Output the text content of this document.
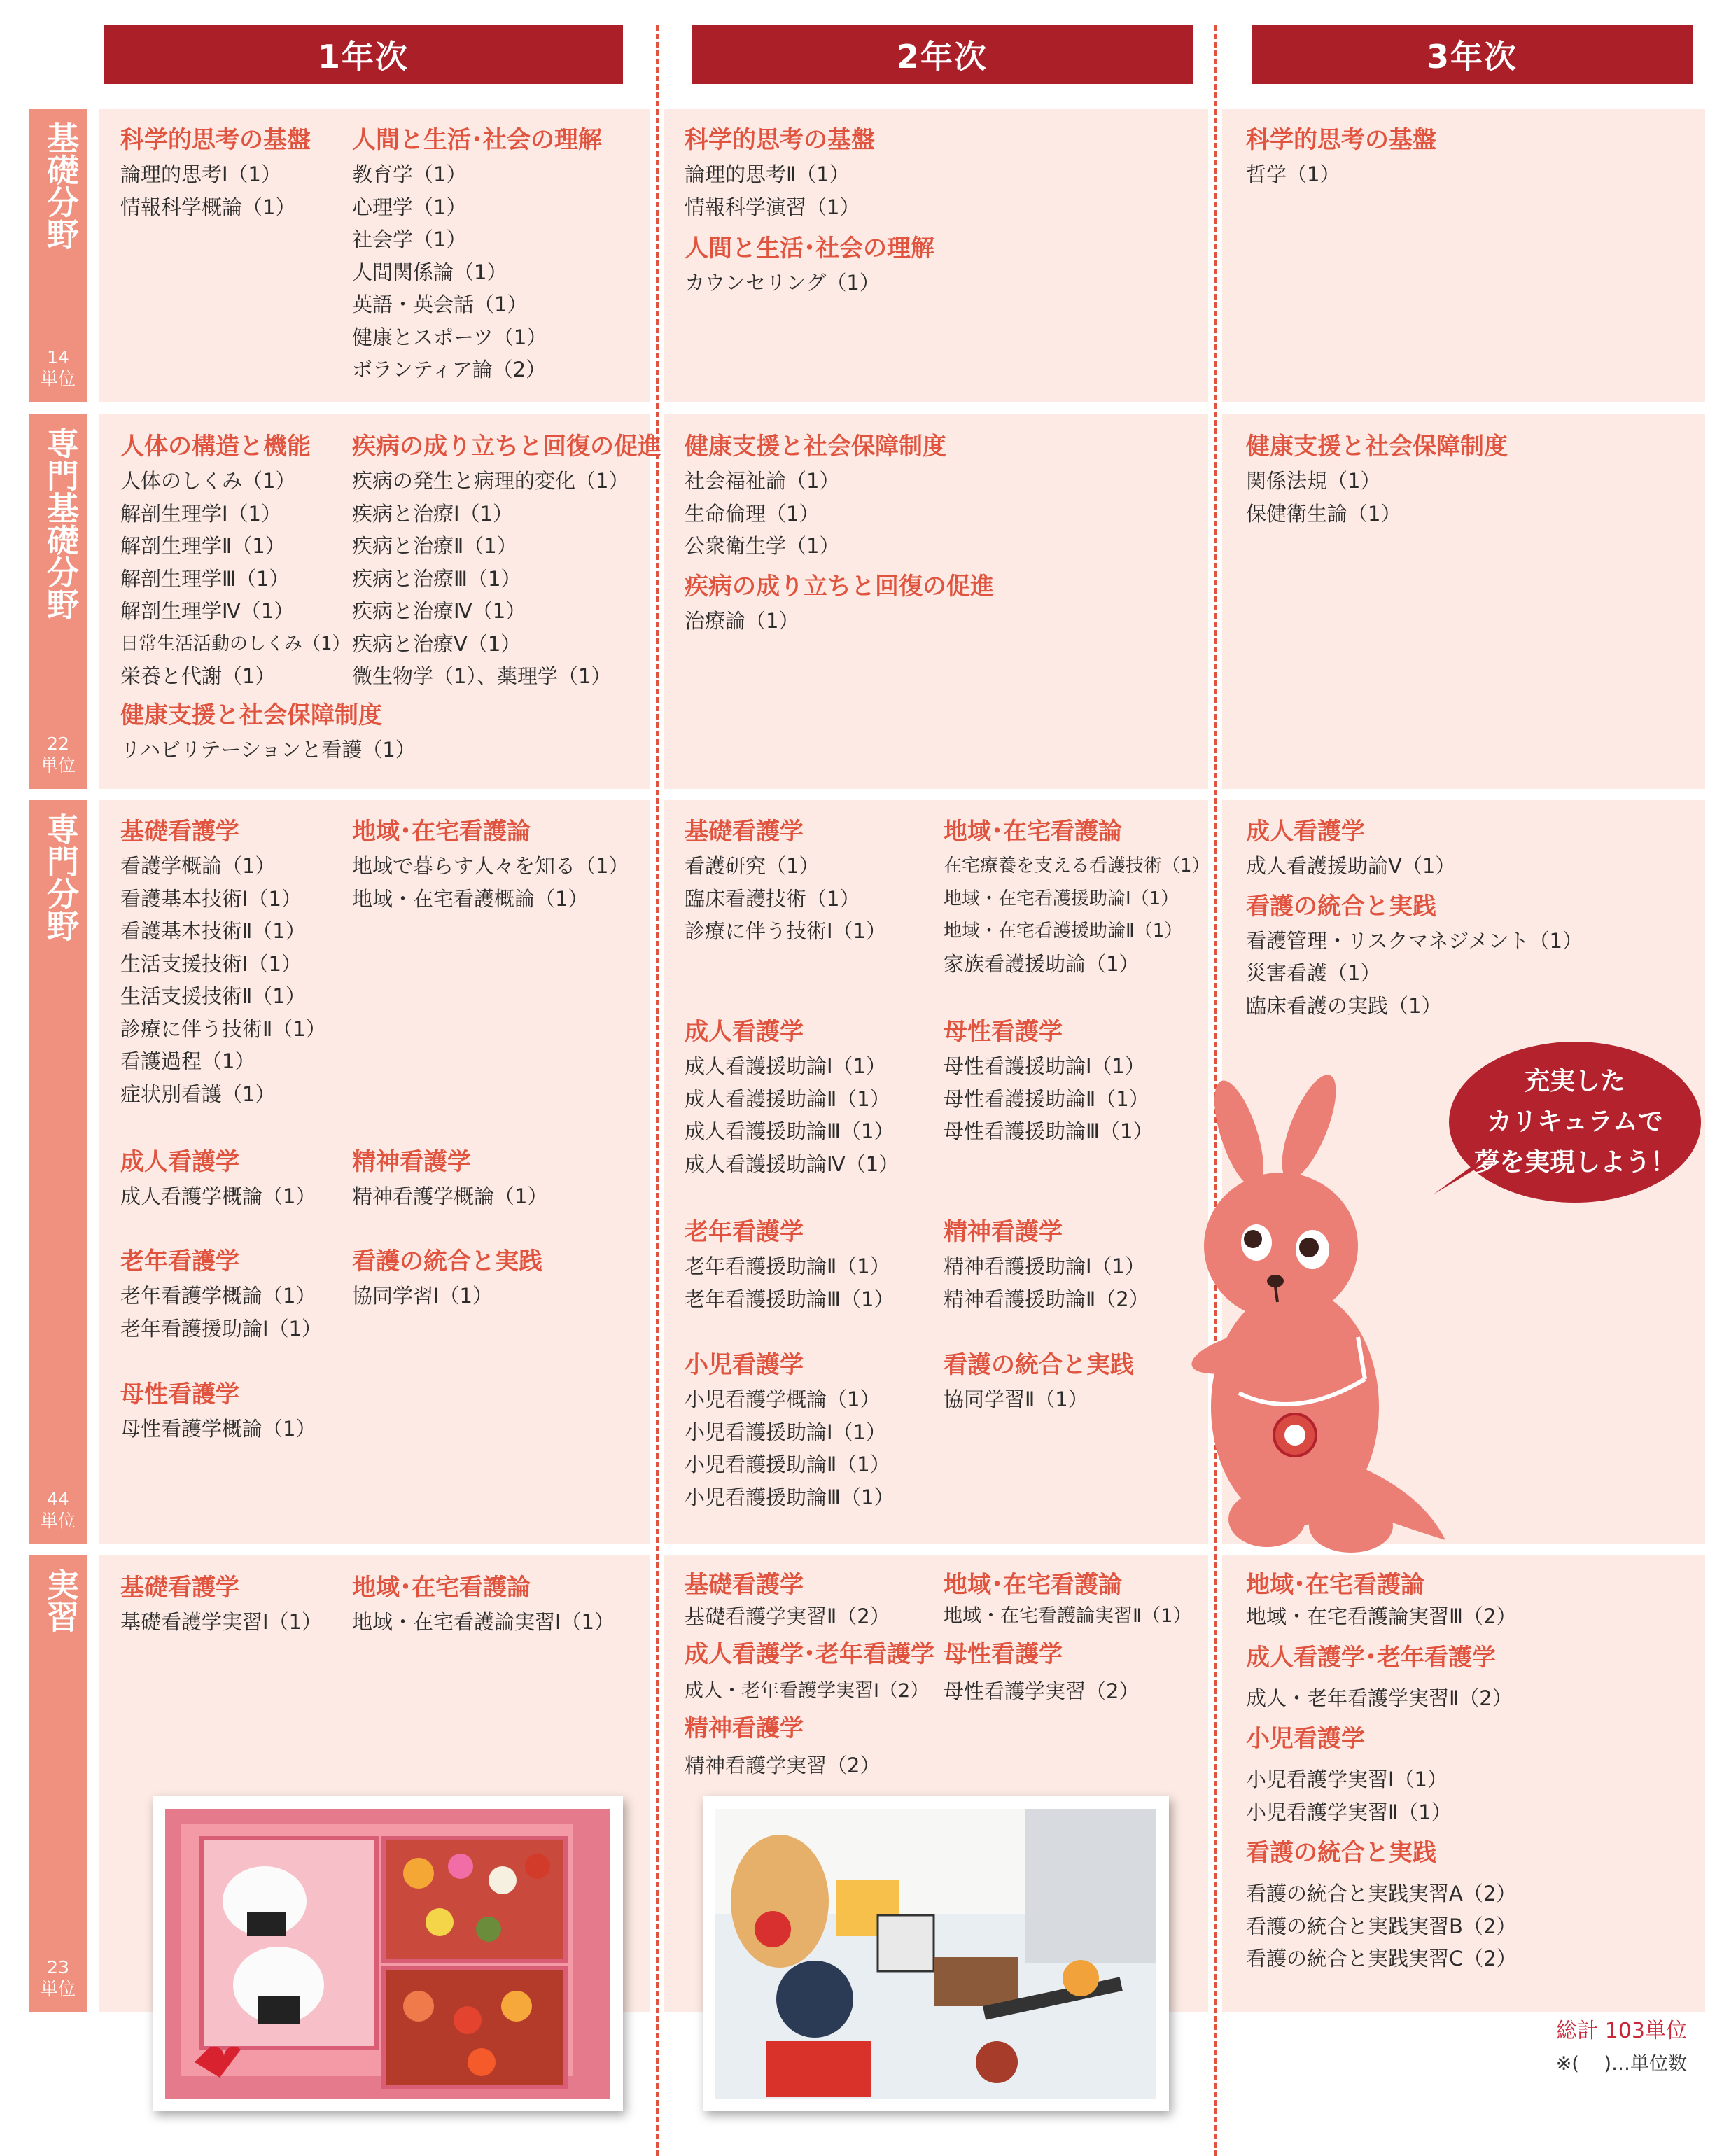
1年次	2年次	3年次
基礎分野
14
単位
専門基礎分野
22
単位
専門分野
44
単位
実習
23
単位
科学的思考の基盤
論理的思考Ⅰ（1）
情報科学概論（1）
人間と生活･社会の理解
教育学（1）
心理学（1）
社会学（1）
人間関係論（1）
英語・英会話（1）
健康とスポーツ（1）
ボランティア論（2）
科学的思考の基盤
論理的思考Ⅱ（1）
情報科学演習（1）
人間と生活･社会の理解
カウンセリング（1）
科学的思考の基盤
哲学（1）
人体の構造と機能
人体のしくみ（1）
解剖生理学Ⅰ（1）
解剖生理学Ⅱ（1）
解剖生理学Ⅲ（1）
解剖生理学Ⅳ（1）
日常生活活動のしくみ（1）
栄養と代謝（1）
健康支援と社会保障制度
リハビリテーションと看護（1）
疾病の成り立ちと回復の促進
疾病の発生と病理的変化（1）
疾病と治療Ⅰ（1）
疾病と治療Ⅱ（1）
疾病と治療Ⅲ（1）
疾病と治療Ⅳ（1）
疾病と治療Ⅴ（1）
微生物学（1）、薬理学（1）
健康支援と社会保障制度
社会福祉論（1）
生命倫理（1）
公衆衛生学（1）
疾病の成り立ちと回復の促進
治療論（1）
健康支援と社会保障制度
関係法規（1）
保健衛生論（1）
基礎看護学
看護学概論（1）
看護基本技術Ⅰ（1）
看護基本技術Ⅱ（1）
生活支援技術Ⅰ（1）
生活支援技術Ⅱ（1）
診療に伴う技術Ⅱ（1）
看護過程（1）
症状別看護（1）
地域･在宅看護論
地域で暮らす人々を知る（1）
地域・在宅看護概論（1）
成人看護学
成人看護学概論（1）
精神看護学
精神看護学概論（1）
老年看護学
老年看護学概論（1）
老年看護援助論Ⅰ（1）
看護の統合と実践
協同学習Ⅰ（1）
母性看護学
母性看護学概論（1）
基礎看護学
看護研究（1）
臨床看護技術（1）
診療に伴う技術Ⅰ（1）
地域･在宅看護論
在宅療養を支える看護技術（1）
地域・在宅看護援助論Ⅰ（1）
地域・在宅看護援助論Ⅱ（1）
家族看護援助論（1）
成人看護学
成人看護援助論Ⅰ（1）
成人看護援助論Ⅱ（1）
成人看護援助論Ⅲ（1）
成人看護援助論Ⅳ（1）
母性看護学
母性看護援助論Ⅰ（1）
母性看護援助論Ⅱ（1）
母性看護援助論Ⅲ（1）
老年看護学
老年看護援助論Ⅱ（1）
老年看護援助論Ⅲ（1）
精神看護学
精神看護援助論Ⅰ（1）
精神看護援助論Ⅱ（2）
小児看護学
小児看護学概論（1）
小児看護援助論Ⅰ（1）
小児看護援助論Ⅱ（1）
小児看護援助論Ⅲ（1）
看護の統合と実践
協同学習Ⅱ（1）
成人看護学
成人看護援助論Ⅴ（1）
看護の統合と実践
看護管理・リスクマネジメント（1）
災害看護（1）
臨床看護の実践（1）
充実した
カリキュラムで
夢を実現しよう！
基礎看護学
基礎看護学実習Ⅰ（1）
地域･在宅看護論
地域・在宅看護論実習Ⅰ（1）
基礎看護学
基礎看護学実習Ⅱ（2）
成人看護学･老年看護学
成人・老年看護学実習Ⅰ（2）
精神看護学
精神看護学実習（2）
地域･在宅看護論
地域・在宅看護論実習Ⅱ（1）
母性看護学
母性看護学実習（2）
地域･在宅看護論
地域・在宅看護論実習Ⅲ（2）
成人看護学･老年看護学
成人・老年看護学実習Ⅱ（2）
小児看護学
小児看護学実習Ⅰ（1）
小児看護学実習Ⅱ（1）
看護の統合と実践
看護の統合と実践実習A（2）
看護の統合と実践実習B（2）
看護の統合と実践実習C（2）
総計 103単位
※(　 )…単位数
